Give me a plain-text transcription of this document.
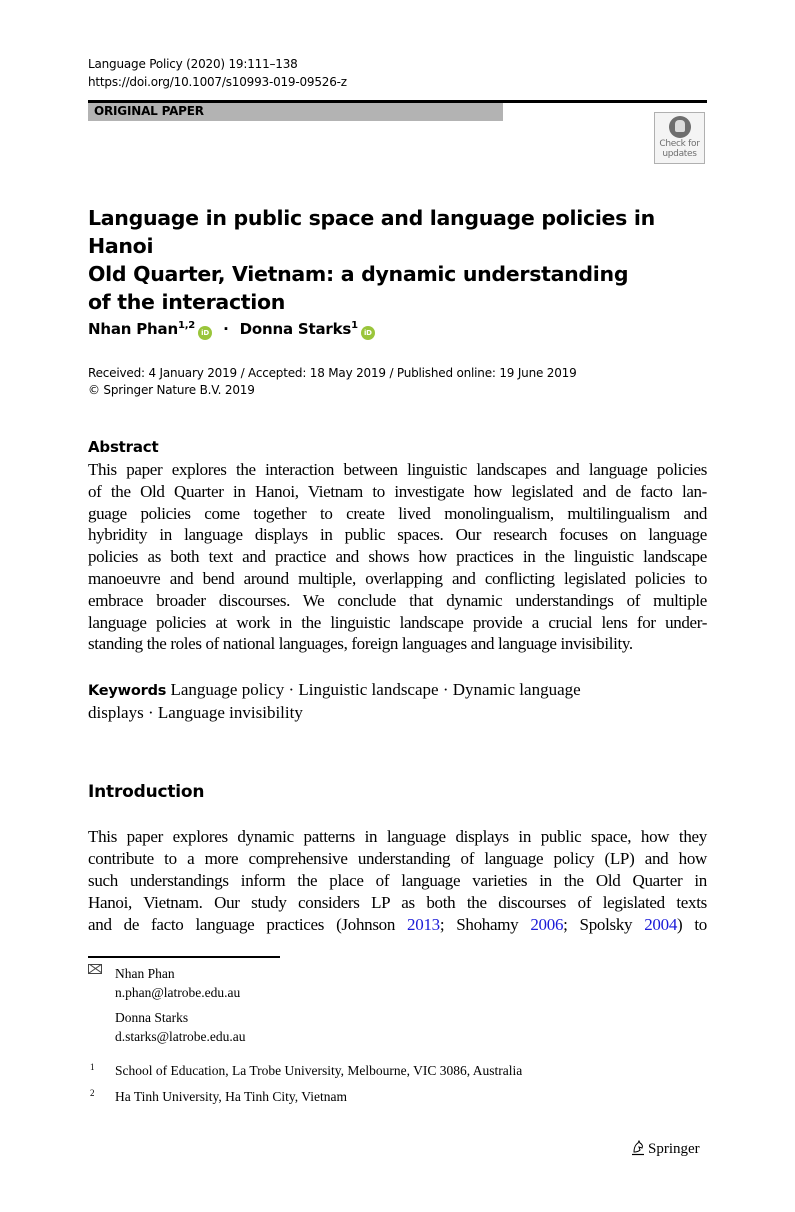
Language Policy (2020) 19:111–138
https://doi.org/10.1007/s10993-019-09526-z
ORIGINAL PAPER
Check for
updates
Language in public space and language policies in Hanoi
Old Quarter, Vietnam: a dynamic understanding
of the interaction
Nhan Phan$^{1,2}$iD · Donna Starks$^1$iD
Received: 4 January 2019 / Accepted: 18 May 2019 / Published online: 19 June 2019
© Springer Nature B.V. 2019
Abstract
This paper explores the interaction between linguistic landscapes and language policies
of the Old Quarter in Hanoi, Vietnam to investigate how legislated and de facto lan-
guage policies come together to create lived monolingualism, multilingualism and
hybridity in language displays in public spaces. Our research focuses on language
policies as both text and practice and shows how practices in the linguistic landscape
manoeuvre and bend around multiple, overlapping and conflicting legislated policies to
embrace broader discourses. We conclude that dynamic understandings of multiple
language policies at work in the linguistic landscape provide a crucial lens for under-
standing the roles of national languages, foreign languages and language invisibility.
Keywords Language policy · Linguistic landscape · Dynamic language
displays · Language invisibility
Introduction
This paper explores dynamic patterns in language displays in public space, how they
contribute to a more comprehensive understanding of language policy (LP) and how
such understandings inform the place of language varieties in the Old Quarter in
Hanoi, Vietnam. Our study considers LP as both the discourses of legislated texts
and de facto language practices (Johnson 2013; Shohamy 2006; Spolsky 2004) to
Nhan Phan
n.phan@latrobe.edu.au
Donna Starks
d.starks@latrobe.edu.au
1 School of Education, La Trobe University, Melbourne, VIC 3086, Australia
2 Ha Tinh University, Ha Tinh City, Vietnam
Springer
